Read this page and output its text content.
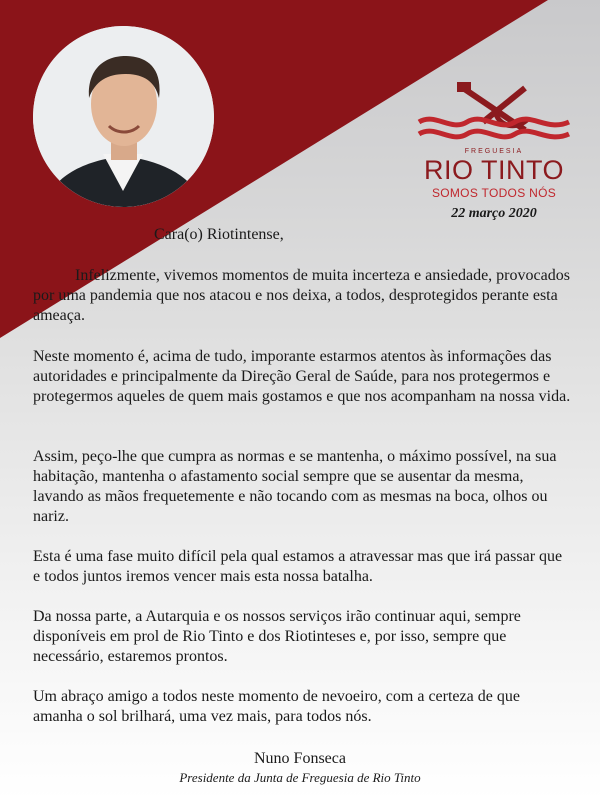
FREGUESIA
RIO TINTO
SOMOS TODOS NÓS
22 março 2020

Cara(o) Riotintense,

Infelizmente, vivemos momentos de muita incerteza e ansiedade, provocados por uma pandemia que nos atacou e nos deixa, a todos, desprotegidos perante esta ameaça.

Neste momento é, acima de tudo, imporante estarmos atentos às informações das autoridades e principalmente da Direção Geral de Saúde, para nos protegermos e protegermos aqueles de quem mais gostamos e que nos acompanham na nossa vida.

Assim, peço-lhe que cumpra as normas e se mantenha, o máximo possível, na sua habitação, mantenha o afastamento social sempre que se ausentar da mesma, lavando as mãos frequetemente e não tocando com as mesmas na boca, olhos ou nariz.

Esta é uma fase muito difícil pela qual estamos a atravessar mas que irá passar que e todos juntos iremos vencer mais esta nossa batalha.

Da nossa parte, a Autarquia e os nossos serviços irão continuar aqui, sempre disponíveis em prol de Rio Tinto e dos Riotinteses e, por isso, sempre que necessário, estaremos prontos.

Um abraço amigo a todos neste momento de nevoeiro, com a certeza de que amanha o sol brilhará, uma vez mais, para todos nós.

Nuno Fonseca
Presidente da Junta de Freguesia de Rio Tinto
